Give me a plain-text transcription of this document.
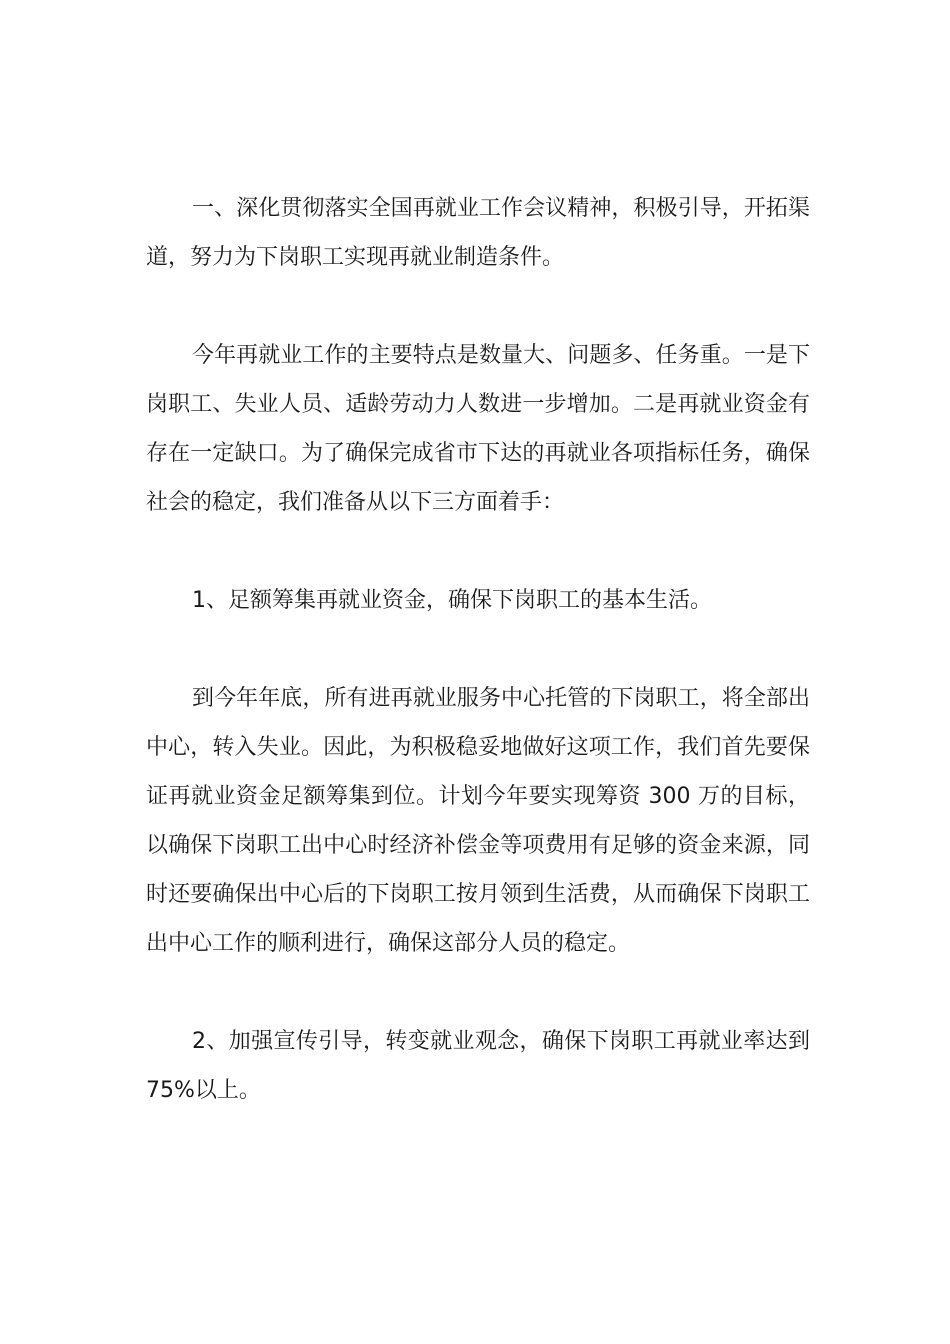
一、深化贯彻落实全国再就业工作会议精神，积极引导，开拓渠道，努力为下岗职工实现再就业制造条件。

今年再就业工作的主要特点是数量大、问题多、任务重。一是下岗职工、失业人员、适龄劳动力人数进一步增加。二是再就业资金有存在一定缺口。为了确保完成省市下达的再就业各项指标任务，确保社会的稳定，我们准备从以下三方面着手：

1、足额筹集再就业资金，确保下岗职工的基本生活。

到今年年底，所有进再就业服务中心托管的下岗职工，将全部出中心，转入失业。因此，为积极稳妥地做好这项工作，我们首先要保证再就业资金足额筹集到位。计划今年要实现筹资 300 万的目标，以确保下岗职工出中心时经济补偿金等项费用有足够的资金来源，同时还要确保出中心后的下岗职工按月领到生活费，从而确保下岗职工出中心工作的顺利进行，确保这部分人员的稳定。

2、加强宣传引导，转变就业观念，确保下岗职工再就业率达到 75%以上。
